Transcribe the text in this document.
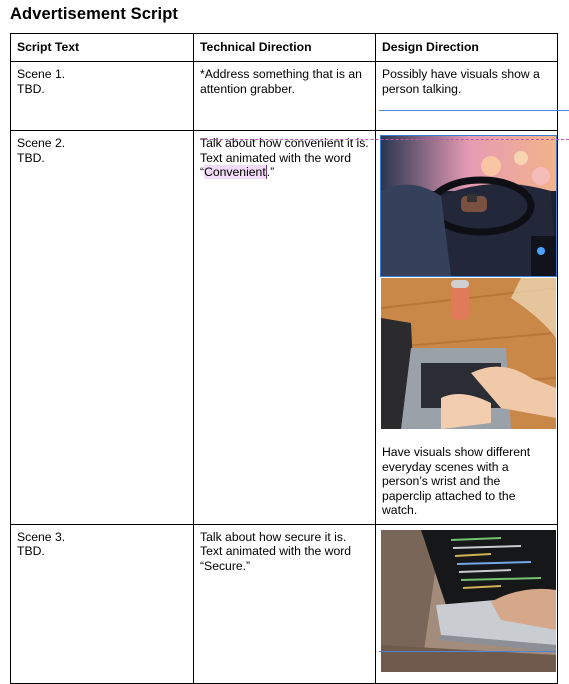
Advertisement Script
Script Text	Technical Direction	Design Direction

Scene 1.
TBD.	*Address something that is an attention grabber.	Possibly have visuals show a person talking.

Scene 2.
TBD.	Talk about how convenient it is. Text animated with the word “Convenient.”	Have visuals show different everyday scenes with a person’s wrist and the paperclip attached to the watch.

Scene 3.
TBD.	Talk about how secure it is. Text animated with the word “Secure.”
